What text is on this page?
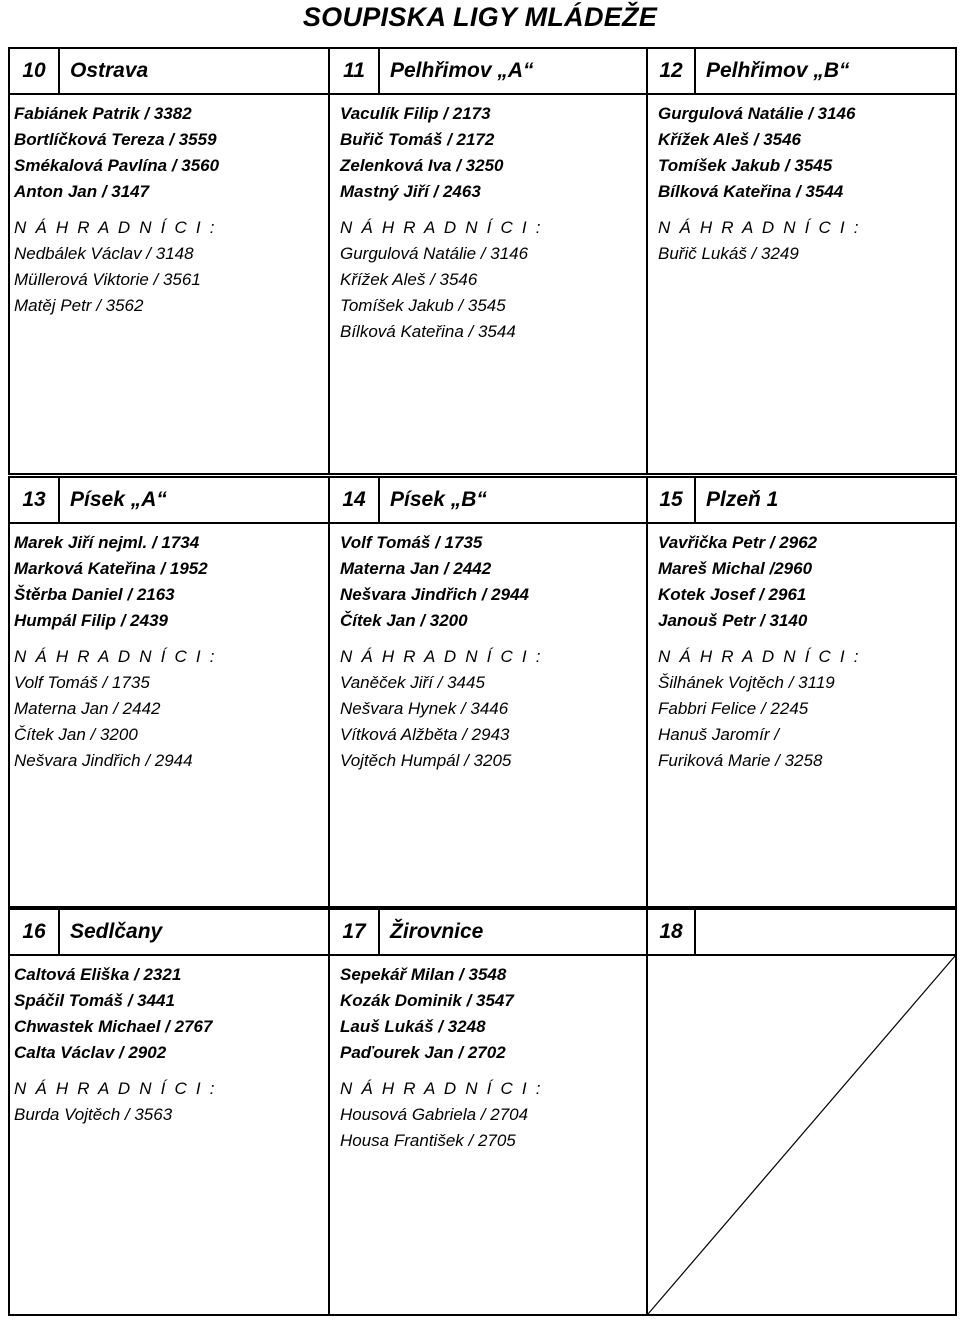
SOUPISKA LIGY MLÁDEŽE
10	Ostrava	11	Pelhřimov „A“	12	Pelhřimov „B“
Fabiánek Patrik / 3382
Bortlíčková Tereza / 3559
Smékalová Pavlína / 3560
Anton Jan / 3147
N Á H R A D N Í C I :
Nedbálek Václav / 3148
Müllerová Viktorie / 3561
Matěj Petr / 3562
Vaculík Filip / 2173
Buřič Tomáš / 2172
Zelenková Iva / 3250
Mastný Jiří / 2463
N Á H R A D N Í C I :
Gurgulová Natálie / 3146
Křížek Aleš / 3546
Tomíšek Jakub / 3545
Bílková Kateřina / 3544
Gurgulová Natálie / 3146
Křížek Aleš / 3546
Tomíšek Jakub / 3545
Bílková Kateřina / 3544
N Á H R A D N Í C I :
Buřič Lukáš / 3249
13	Písek „A“	14	Písek „B“	15	Plzeň 1
Marek Jiří nejml. / 1734
Marková Kateřina / 1952
Štěrba Daniel / 2163
Humpál Filip / 2439
N Á H R A D N Í C I :
Volf Tomáš / 1735
Materna Jan / 2442
Čítek Jan / 3200
Nešvara Jindřich / 2944
Volf Tomáš / 1735
Materna Jan / 2442
Nešvara Jindřich / 2944
Čítek Jan / 3200
N Á H R A D N Í C I :
Vaněček Jiří / 3445
Nešvara Hynek / 3446
Vítková Alžběta / 2943
Vojtěch Humpál / 3205
Vavřička Petr / 2962
Mareš Michal /2960
Kotek Josef / 2961
Janouš Petr / 3140
N Á H R A D N Í C I :
Šilhánek Vojtěch / 3119
Fabbri Felice / 2245
Hanuš Jaromír /
Furiková Marie / 3258
16	Sedlčany	17	Žirovnice	18
Caltová Eliška / 2321
Spáčil Tomáš / 3441
Chwastek Michael / 2767
Calta Václav / 2902
N Á H R A D N Í C I :
Burda Vojtěch / 3563
Sepekář Milan / 3548
Kozák Dominik / 3547
Lauš Lukáš / 3248
Paďourek Jan / 2702
N Á H R A D N Í C I :
Housová Gabriela / 2704
Housa František / 2705
